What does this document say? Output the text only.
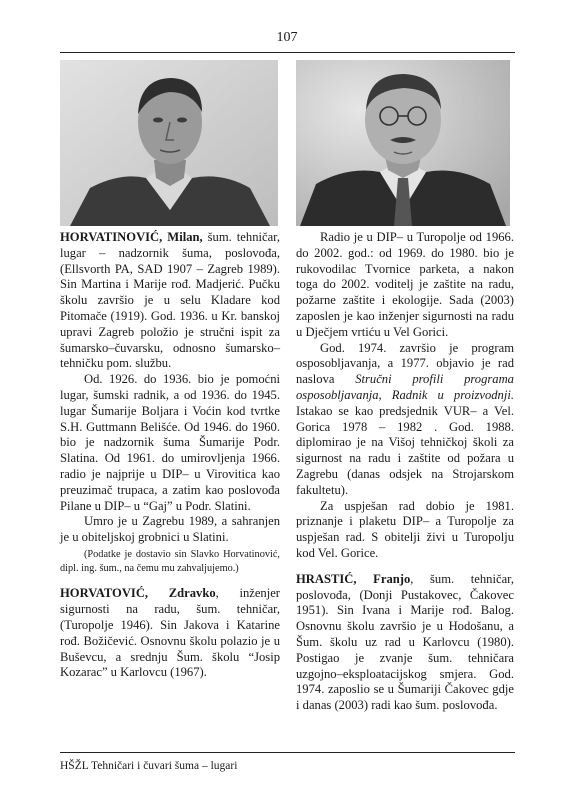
107

HORVATINOVIĆ, Milan, šum. tehničar, lugar – nadzornik šuma, poslovođa, (Ellsvorth PA, SAD 1907 – Zagreb 1989). Sin Martina i Marije rođ. Madjerić. Pučku školu završio je u selu Kladare kod Pitomače (1919). God. 1936. u Kr. banskoj upravi Zagreb položio je stručni ispit za šumarsko–čuvarsku, odnosno šumarsko–tehničku pom. službu.

Od. 1926. do 1936. bio je pomoćni lugar, šumski radnik, a od 1936. do 1945. lugar Šumarije Boljara i Voćin kod tvrtke S.H. Guttmann Belišće. Od 1946. do 1960. bio je nadzornik šuma Šumarije Podr. Slatina. Od 1961. do umirovljenja 1966. radio je najprije u DIP– u Virovitica kao preuzimač trupaca, a zatim kao poslovođa Pilane u DIP– u “Gaj” u Podr. Slatini.

Umro je u Zagrebu 1989, a sahranjen je u obiteljskoj grobnici u Slatini.

(Podatke je dostavio sin Slavko Horvatinović, dipl. ing. šum., na čemu mu zahvaljujemo.)

HORVATOVIĆ, Zdravko, inženjer sigurnosti na radu, šum. tehničar, (Turopolje 1946). Sin Jakova i Katarine rođ. Božičević. Osnovnu školu polazio je u Buševcu, a srednju Šum. školu “Josip Kozarac” u Karlovcu (1967).

Radio je u DIP– u Turopolje od 1966. do 2002. god.: od 1969. do 1980. bio je rukovodilac Tvornice parketa, a nakon toga do 2002. voditelj je zaštite na radu, požarne zaštite i ekologije. Sada (2003) zaposlen je kao inženjer sigurnosti na radu u Dječjem vrtiću u Vel Gorici.

God. 1974. završio je program osposobljavanja, a 1977. objavio je rad naslova Stručni profili programa osposobljavanja, Radnik u proizvodnji. Istakao se kao predsjednik VUR– a Vel. Gorica 1978 – 1982 . God. 1988. diplomirao je na Višoj tehničkoj školi za sigurnost na radu i zaštite od požara u Zagrebu (danas odsjek na Strojarskom fakultetu).

Za uspješan rad dobio je 1981. priznanje i plaketu DIP– a Turopolje za uspješan rad. S obitelji živi u Turopolju kod Vel. Gorice.

HRASTIĆ, Franjo, šum. tehničar, poslovođa, (Donji Pustakovec, Čakovec 1951). Sin Ivana i Marije rođ. Balog. Osnovnu školu završio je u Hodošanu, a Šum. školu uz rad u Karlovcu (1980). Postigao je zvanje šum. tehničara uzgojno–eksploatacijskog smjera. God. 1974. zaposlio se u Šumariji Čakovec gdje i danas (2003) radi kao šum. poslovođa.

HŠŽL Tehničari i čuvari šuma – lugari
